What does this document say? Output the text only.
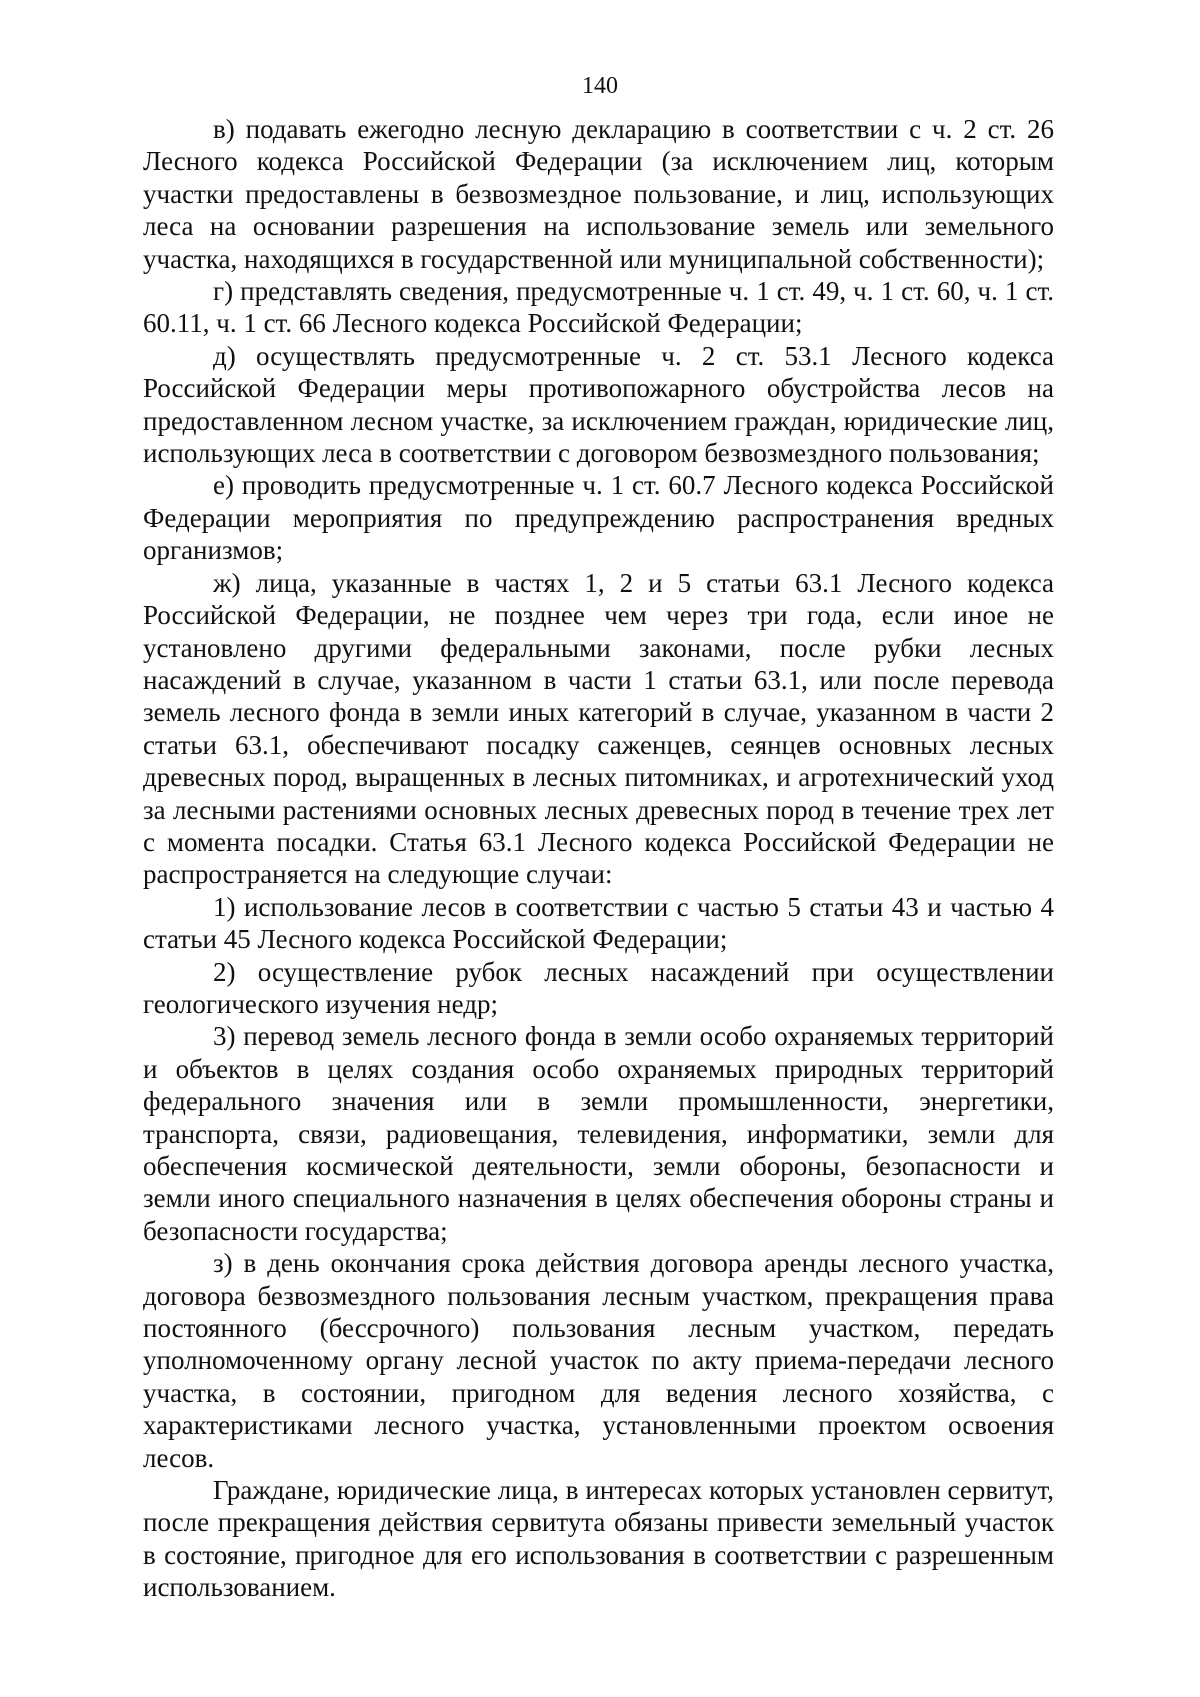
140

в) подавать ежегодно лесную декларацию в соответствии с ч. 2 ст. 26 Лесного кодекса Российской Федерации (за исключением лиц, которым участки предоставлены в безвозмездное пользование, и лиц, использующих леса на основании разрешения на использование земель или земельного участка, находящихся в государственной или муниципальной собственности);

г) представлять сведения, предусмотренные ч. 1 ст. 49, ч. 1 ст. 60, ч. 1 ст. 60.11, ч. 1 ст. 66 Лесного кодекса Российской Федерации;

д) осуществлять предусмотренные ч. 2 ст. 53.1 Лесного кодекса Российской Федерации меры противопожарного обустройства лесов на предоставленном лесном участке, за исключением граждан, юридические лиц, использующих леса в соответствии с договором безвозмездного пользования;

е) проводить предусмотренные ч. 1 ст. 60.7 Лесного кодекса Российской Федерации мероприятия по предупреждению распространения вредных организмов;

ж) лица, указанные в частях 1, 2 и 5 статьи 63.1 Лесного кодекса Российской Федерации, не позднее чем через три года, если иное не установлено другими федеральными законами, после рубки лесных насаждений в случае, указанном в части 1 статьи 63.1, или после перевода земель лесного фонда в земли иных категорий в случае, указанном в части 2 статьи 63.1, обеспечивают посадку саженцев, сеянцев основных лесных древесных пород, выращенных в лесных питомниках, и агротехнический уход за лесными растениями основных лесных древесных пород в течение трех лет с момента посадки. Статья 63.1 Лесного кодекса Российской Федерации не распространяется на следующие случаи:

1) использование лесов в соответствии с частью 5 статьи 43 и частью 4 статьи 45 Лесного кодекса Российской Федерации;

2) осуществление рубок лесных насаждений при осуществлении геологического изучения недр;

3) перевод земель лесного фонда в земли особо охраняемых территорий и объектов в целях создания особо охраняемых природных территорий федерального значения или в земли промышленности, энергетики, транспорта, связи, радиовещания, телевидения, информатики, земли для обеспечения космической деятельности, земли обороны, безопасности и земли иного специального назначения в целях обеспечения обороны страны и безопасности государства;

з) в день окончания срока действия договора аренды лесного участка, договора безвозмездного пользования лесным участком, прекращения права постоянного (бессрочного) пользования лесным участком, передать уполномоченному органу лесной участок по акту приема-передачи лесного участка, в состоянии, пригодном для ведения лесного хозяйства, с характеристиками лесного участка, установленными проектом освоения лесов.

Граждане, юридические лица, в интересах которых установлен сервитут, после прекращения действия сервитута обязаны привести земельный участок в состояние, пригодное для его использования в соответствии с разрешенным использованием.
